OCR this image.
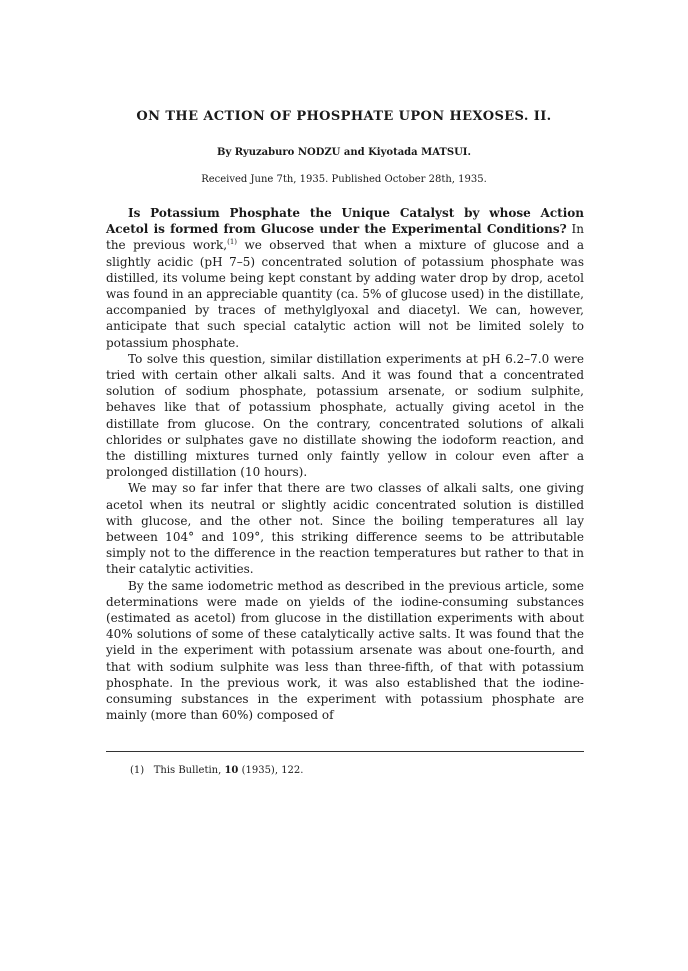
ON THE ACTION OF PHOSPHATE UPON HEXOSES. II.
By Ryuzaburo NODZU and Kiyotada MATSUI.
Received June 7th, 1935. Published October 28th, 1935.

Is Potassium Phosphate the Unique Catalyst by whose Action Acetol is formed from Glucose under the Experimental Conditions? In the previous work,$^{(1)}$ we observed that when a mixture of glucose and a slightly acidic (pH 7–5) concentrated solution of potassium phosphate was distilled, its volume being kept constant by adding water drop by drop, acetol was found in an appreciable quantity (ca. 5% of glucose used) in the distillate, accompanied by traces of methylglyoxal and diacetyl. We can, however, anticipate that such special catalytic action will not be limited solely to potassium phosphate.

To solve this question, similar distillation experiments at pH 6.2–7.0 were tried with certain other alkali salts. And it was found that a concentrated solution of sodium phosphate, potassium arsenate, or sodium sulphite, behaves like that of potassium phosphate, actually giving acetol in the distillate from glucose. On the contrary, concentrated solutions of alkali chlorides or sulphates gave no distillate showing the iodoform reaction, and the distilling mixtures turned only faintly yellow in colour even after a prolonged distillation (10 hours).

We may so far infer that there are two classes of alkali salts, one giving acetol when its neutral or slightly acidic concentrated solution is distilled with glucose, and the other not. Since the boiling temperatures all lay between 104° and 109°, this striking difference seems to be attributable simply not to the difference in the reaction temperatures but rather to that in their catalytic activities.

By the same iodometric method as described in the previous article, some determinations were made on yields of the iodine-consuming substances (estimated as acetol) from glucose in the distillation experiments with about 40% solutions of some of these catalytically active salts. It was found that the yield in the experiment with potassium arsenate was about one-fourth, and that with sodium sulphite was less than three-fifth, of that with potassium phosphate. In the previous work, it was also established that the iodine-consuming substances in the experiment with potassium phosphate are mainly (more than 60%) composed of

(1) This Bulletin, 10 (1935), 122.
